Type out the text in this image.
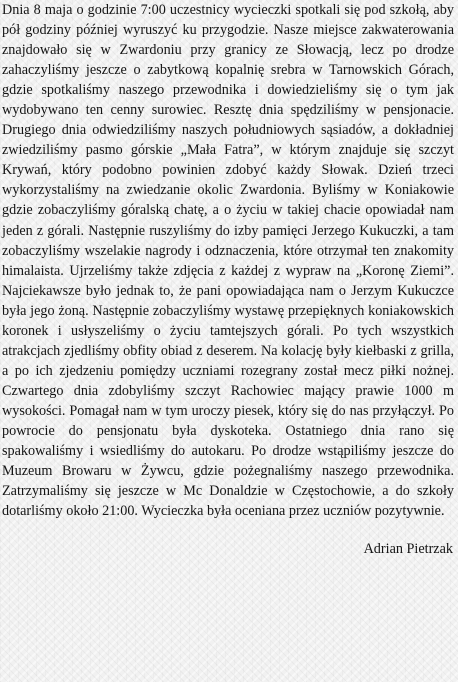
Dnia 8 maja o godzinie 7:00 uczestnicy wycieczki spotkali się pod szkołą, aby pół godziny później wyruszyć ku przygodzie. Nasze miejsce zakwaterowania znajdowało się w Zwardoniu przy granicy ze Słowacją, lecz po drodze zahaczyliśmy jeszcze o zabytkową kopalnię srebra w Tarnowskich Górach, gdzie spotkaliśmy naszego przewodnika i dowiedzieliśmy się o tym jak wydobywano ten cenny surowiec. Resztę dnia spędziliśmy w pensjonacie. Drugiego dnia odwiedziliśmy naszych południowych sąsiadów, a dokładniej zwiedziliśmy pasmo górskie „Mała Fatra”, w którym znajduje się szczyt Krywań, który podobno powinien zdobyć każdy Słowak. Dzień trzeci wykorzystaliśmy na zwiedzanie okolic Zwardonia. Byliśmy w Koniakowie gdzie zobaczyliśmy góralską chatę, a o życiu w takiej chacie opowiadał nam jeden z górali. Następnie ruszyliśmy do izby pamięci Jerzego Kukuczki, a tam zobaczyliśmy wszelakie nagrody i odznaczenia, które otrzymał ten znakomity himalaista. Ujrzeliśmy także zdjęcia z każdej z wypraw na „Koronę Ziemi”. Najciekawsze było jednak to, że pani opowiadająca nam o Jerzym Kukuczce była jego żoną. Następnie zobaczyliśmy wystawę przepięknych koniakowskich koronek i usłyszeliśmy o życiu tamtejszych górali. Po tych wszystkich atrakcjach zjedliśmy obfity obiad z deserem. Na kolację były kiełbaski z grilla, a po ich zjedzeniu pomiędzy uczniami rozegrany został mecz piłki nożnej. Czwartego dnia zdobyliśmy szczyt Rachowiec mający prawie 1000 m wysokości. Pomagał nam w tym uroczy piesek, który się do nas przyłączył. Po powrocie do pensjonatu była dyskoteka. Ostatniego dnia rano się spakowaliśmy i wsiedliśmy do autokaru. Po drodze wstąpiliśmy jeszcze do Muzeum Browaru w Żywcu, gdzie pożegnaliśmy naszego przewodnika. Zatrzymaliśmy się jeszcze w Mc Donaldzie w Częstochowie, a do szkoły dotarliśmy około 21:00. Wycieczka była oceniana przez uczniów pozytywnie.

Adrian Pietrzak
